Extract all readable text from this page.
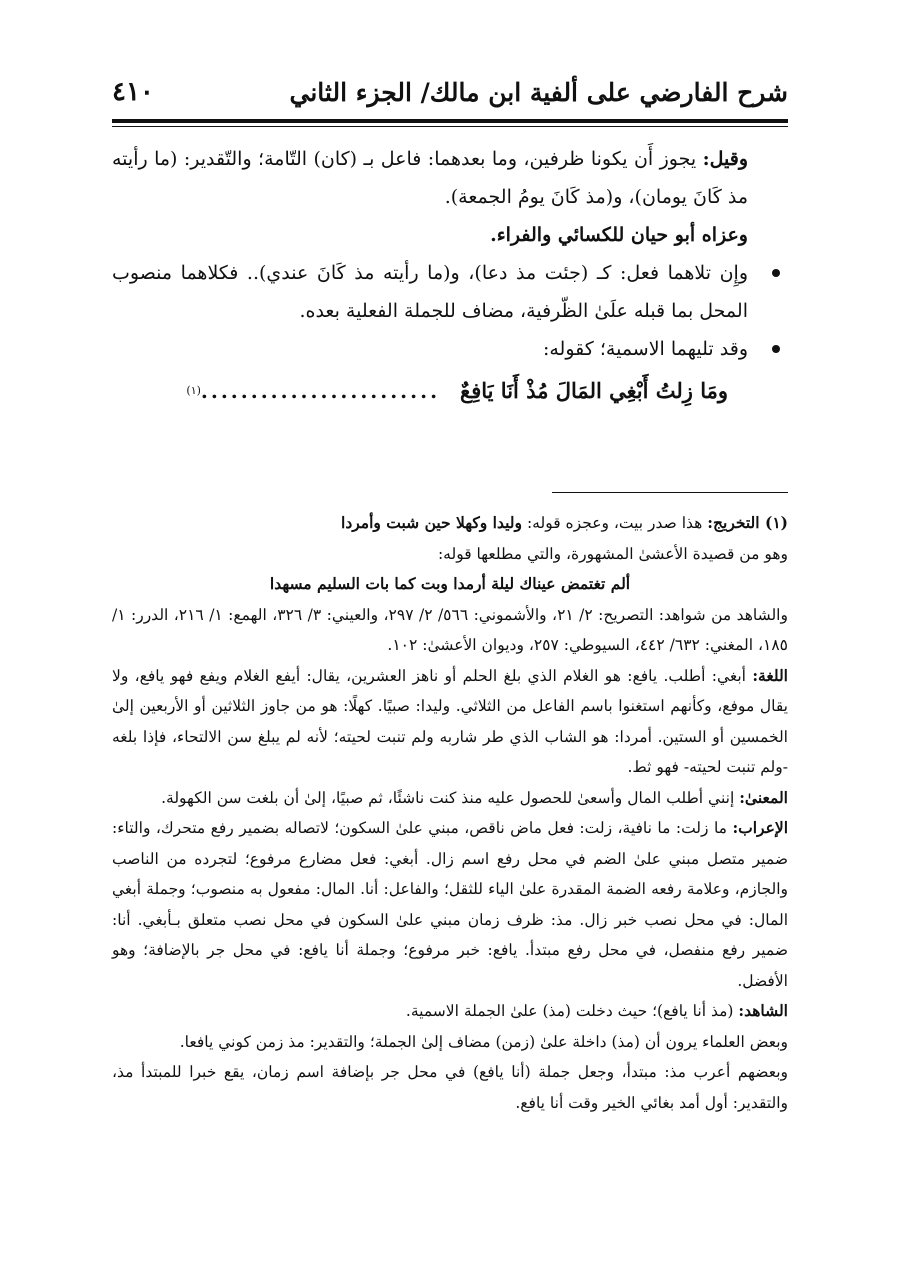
شرح الفارضي على ألفية ابن مالك/ الجزء الثاني
٤١٠

وقيل: يجوز أَن يكونا ظرفين، وما بعدهما: فاعل بـ (كان) التّامة؛ والتّقدير: (ما رأيته مذ كَانَ يومان)، و(مذ كَانَ يومُ الجمعة).

وعزاه أبو حيان للكسائي والفراء.

وإِن تلاهما فعل: كـ (جئت مذ دعا)، و(ما رأيته مذ كَانَ عندي).. فكلاهما منصوب المحل بما قبله علَىٰ الظّرفية، مضاف للجملة الفعلية بعده.
وقد تليهما الاسمية؛ كقوله:
ومَا زِلتُ أَبْغِي المَالَ مُذْ أَنَا يَافِعٌ
........................
(١)

(١) التخريج: هذا صدر بيت، وعجزه قوله: وليدا وكهلا حين شبت وأمردا

وهو من قصيدة الأعشىٰ المشهورة، والتي مطلعها قوله:

ألم تغتمض عيناك ليلة أرمدا وبت كما بات السليم مسهدا

والشاهد من شواهد: التصريح: ٢/ ٢١، والأشموني: ٥٦٦/ ٢/ ٢٩٧، والعيني: ٣/ ٣٢٦، الهمع: ١/ ٢١٦، الدرر: ١/ ١٨٥، المغني: ٦٣٢/ ٤٤٢، السيوطي: ٢٥٧، وديوان الأعشىٰ: ١٠٢.

اللغة: أبغي: أطلب. يافع: هو الغلام الذي بلغ الحلم أو ناهز العشرين، يقال: أيفع الغلام ويفع فهو يافع، ولا يقال موفع، وكأنهم استغنوا باسم الفاعل من الثلاثي. وليدا: صبيًا. كهلًا: هو من جاوز الثلاثين أو الأربعين إلىٰ الخمسين أو الستين. أمردا: هو الشاب الذي طر شاربه ولم تنبت لحيته؛ لأنه لم يبلغ سن الالتحاء، فإذا بلغه -ولم تنبت لحيته- فهو ثط.

المعنىٰ: إنني أطلب المال وأسعىٰ للحصول عليه منذ كنت ناشئًا، ثم صبيًا، إلىٰ أن بلغت سن الكهولة.

الإعراب: ما زلت: ما نافية، زلت: فعل ماض ناقص، مبني علىٰ السكون؛ لاتصاله بضمير رفع متحرك، والتاء: ضمير متصل مبني علىٰ الضم في محل رفع اسم زال. أبغي: فعل مضارع مرفوع؛ لتجرده من الناصب والجازم، وعلامة رفعه الضمة المقدرة علىٰ الياء للثقل؛ والفاعل: أنا. المال: مفعول به منصوب؛ وجملة أبغي المال: في محل نصب خبر زال. مذ: ظرف زمان مبني علىٰ السكون في محل نصب متعلق بـأبغي. أنا: ضمير رفع منفصل، في محل رفع مبتدأ. يافع: خبر مرفوع؛ وجملة أنا يافع: في محل جر بالإضافة؛ وهو الأفضل.

الشاهد: (مذ أنا يافع)؛ حيث دخلت (مذ) علىٰ الجملة الاسمية.

وبعض العلماء يرون أن (مذ) داخلة علىٰ (زمن) مضاف إلىٰ الجملة؛ والتقدير: مذ زمن كوني يافعا.

وبعضهم أعرب مذ: مبتدأ، وجعل جملة (أنا يافع) في محل جر بإضافة اسم زمان، يقع خبرا للمبتدأ مذ، والتقدير: أول أمد بغائي الخير وقت أنا يافع.
